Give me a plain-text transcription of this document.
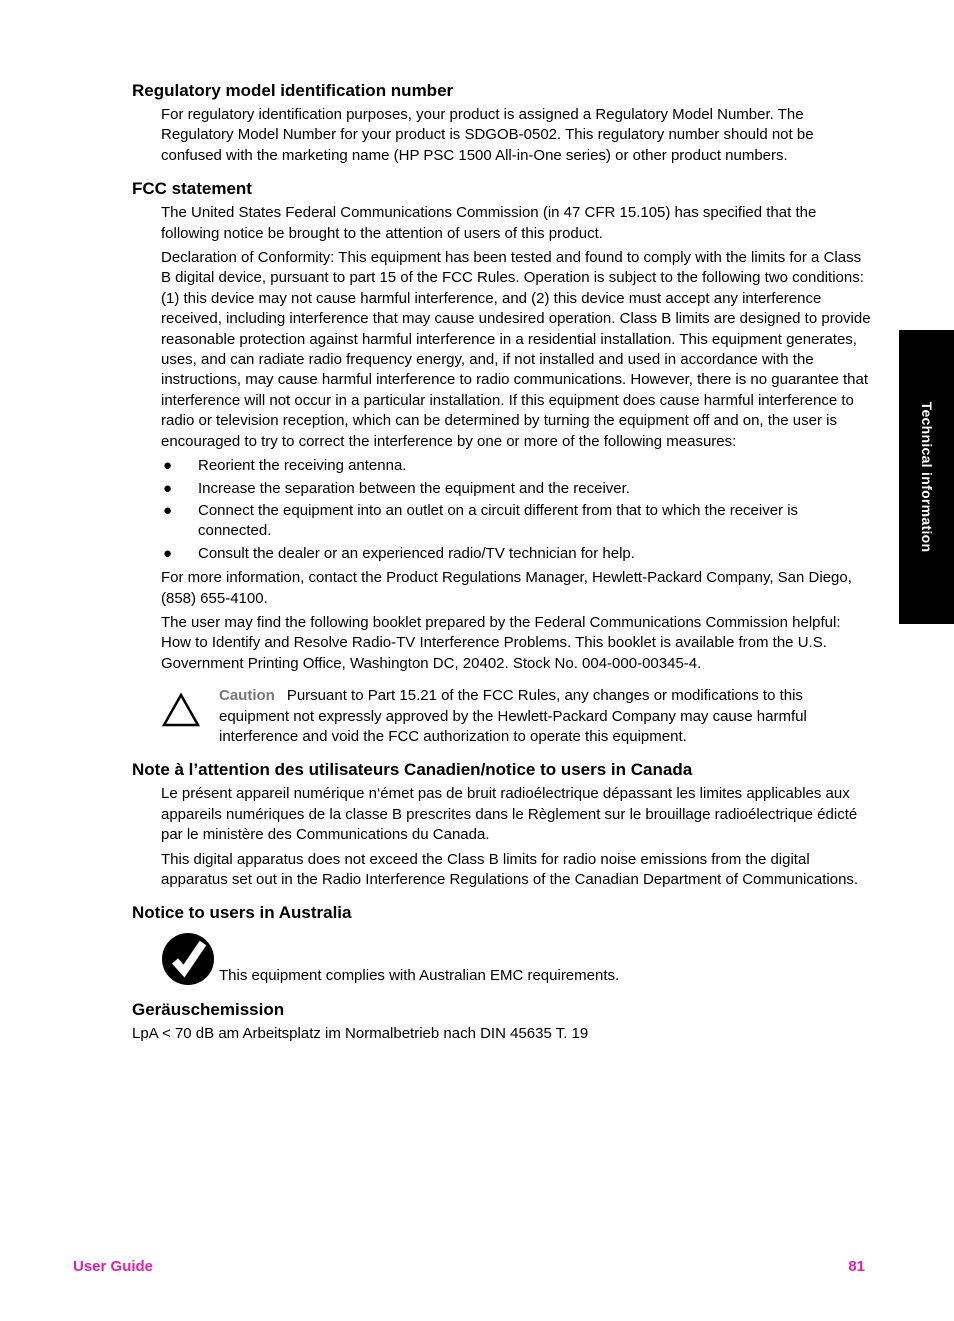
Regulatory model identification number

For regulatory identification purposes, your product is assigned a Regulatory Model Number. The Regulatory Model Number for your product is SDGOB-0502. This regulatory number should not be confused with the marketing name (HP PSC 1500 All-in-One series) or other product numbers.

FCC statement

The United States Federal Communications Commission (in 47 CFR 15.105) has specified that the following notice be brought to the attention of users of this product.

Declaration of Conformity: This equipment has been tested and found to comply with the limits for a Class B digital device, pursuant to part 15 of the FCC Rules. Operation is subject to the following two conditions: (1) this device may not cause harmful interference, and (2) this device must accept any interference received, including interference that may cause undesired operation. Class B limits are designed to provide reasonable protection against harmful interference in a residential installation. This equipment generates, uses, and can radiate radio frequency energy, and, if not installed and used in accordance with the instructions, may cause harmful interference to radio communications. However, there is no guarantee that interference will not occur in a particular installation. If this equipment does cause harmful interference to radio or television reception, which can be determined by turning the equipment off and on, the user is encouraged to try to correct the interference by one or more of the following measures:

● Reorient the receiving antenna.
● Increase the separation between the equipment and the receiver.
● Connect the equipment into an outlet on a circuit different from that to which the receiver is connected.
● Consult the dealer or an experienced radio/TV technician for help.

For more information, contact the Product Regulations Manager, Hewlett-Packard Company, San Diego, (858) 655-4100.

The user may find the following booklet prepared by the Federal Communications Commission helpful: How to Identify and Resolve Radio-TV Interference Problems. This booklet is available from the U.S. Government Printing Office, Washington DC, 20402. Stock No. 004-000-00345-4.

Caution Pursuant to Part 15.21 of the FCC Rules, any changes or modifications to this equipment not expressly approved by the Hewlett-Packard Company may cause harmful interference and void the FCC authorization to operate this equipment.
Note à l’attention des utilisateurs Canadien/notice to users in Canada

Le présent appareil numérique n‘émet pas de bruit radioélectrique dépassant les limites applicables aux appareils numériques de la classe B prescrites dans le Règlement sur le brouillage radioélectrique édicté par le ministère des Communications du Canada.

This digital apparatus does not exceed the Class B limits for radio noise emissions from the digital apparatus set out in the Radio Interference Regulations of the Canadian Department of Communications.

Notice to users in Australia
This equipment complies with Australian EMC requirements.
Geräuschemission

LpA < 70 dB am Arbeitsplatz im Normalbetrieb nach DIN 45635 T. 19

Technical information
User Guide	81
